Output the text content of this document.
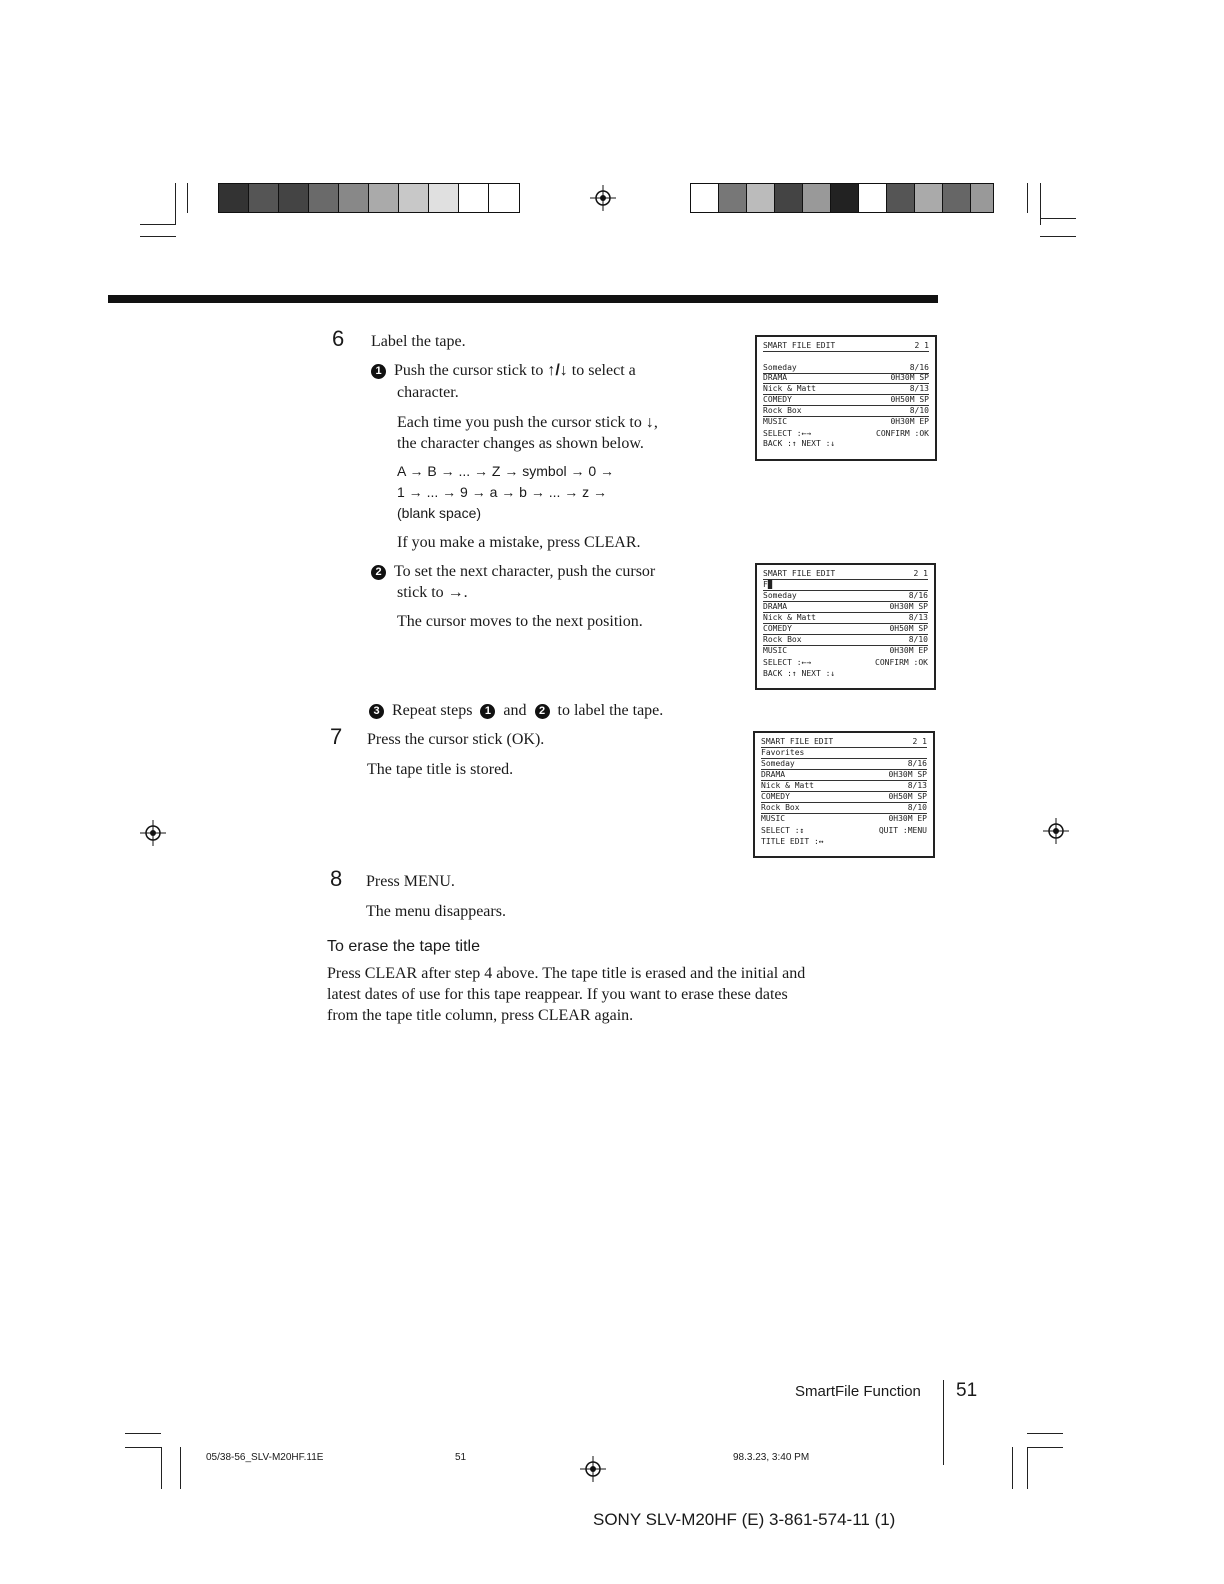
6 Label the tape.
1 Push the cursor stick to ↑/↓ to select a
character.
Each time you push the cursor stick to ↓,
the character changes as shown below.
A → B → ... → Z → symbol → 0 →
1 → ... → 9 → a → b → ... → z →
(blank space)
If you make a mistake, press CLEAR.
2 To set the next character, push the cursor
stick to →.
The cursor moves to the next position.
3 Repeat steps 1 and 2 to label the tape.
7 Press the cursor stick (OK).
The tape title is stored.
8 Press MENU.
The menu disappears.
To erase the tape title
Press CLEAR after step 4 above. The tape title is erased and the initial and
latest dates of use for this tape reappear. If you want to erase these dates
from the tape title column, press CLEAR again.
SMART FILE EDIT	2 1
Someday	8/16
DRAMA	0H30M SP
Nick & Matt	8/13
COMEDY	0H50M SP
Rock Box	8/10
MUSIC	0H30M EP
SELECT :←→	CONFIRM :OK
BACK :↑ NEXT :↓
SMART FILE EDIT	2 1
F▉
Someday	8/16
DRAMA	0H30M SP
Nick & Matt	8/13
COMEDY	0H50M SP
Rock Box	8/10
MUSIC	0H30M EP
SELECT :←→	CONFIRM :OK
BACK :↑ NEXT :↓
SMART FILE EDIT	2 1
Favorites
Someday	8/16
DRAMA	0H30M SP
Nick & Matt	8/13
COMEDY	0H50M SP
Rock Box	8/10
MUSIC	0H30M EP
SELECT :↕	QUIT :MENU
TITLE EDIT :↔
SmartFile Function 51
05/38-56_SLV-M20HF.11E	51	98.3.23, 3:40 PM
SONY SLV-M20HF (E) 3-861-574-11 (1)
